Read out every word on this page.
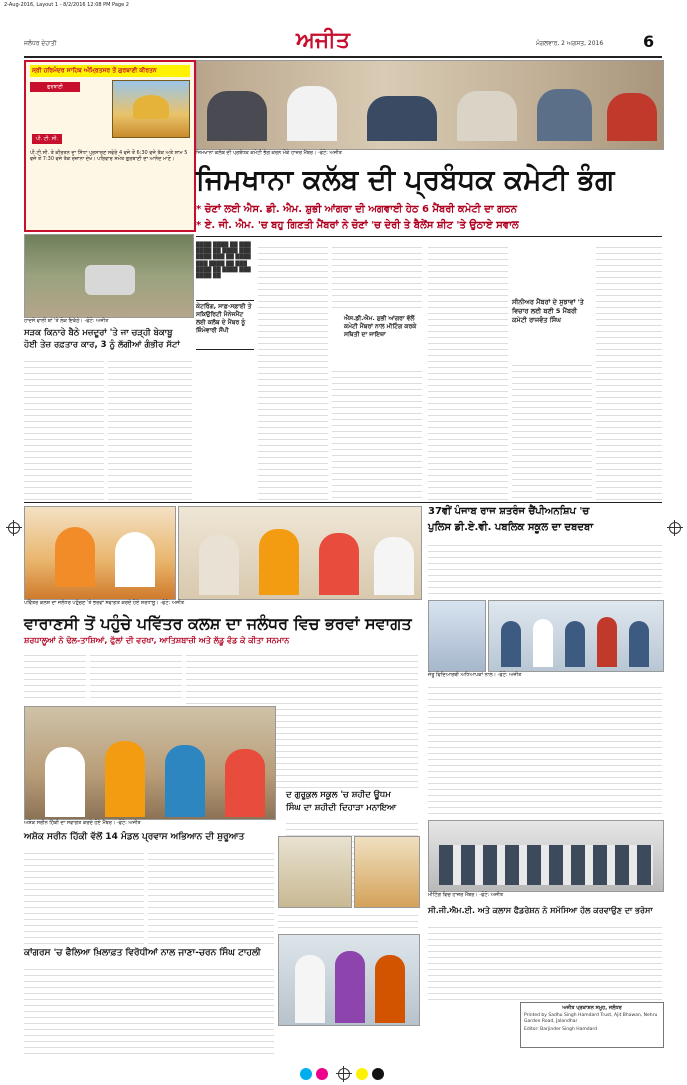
2-Aug-2016, Layout 1 - 8/2/2016 12:08 PM Page 2
ਜਲੰਧਰ ਦੇਹਾਤੀ	ਅਜੀਤ	ਮੰਗਲਵਾਰ, 2 ਅਗਸਤ, 2016 6
ਸ੍ਰੀ ਹਰਿਮੰਦਰ ਸਾਹਿਬ ਅੰਮ੍ਰਿਤਸਰ ਤੋਂ ਗੁਰਬਾਣੀ ਕੀਰਤਨ
ਗੁਰਬਾਣੀ
ਪੀ. ਟੀ. ਸੀ.
ਪੀ.ਟੀ.ਸੀ. ਤੇ ਕੀਰਤਨ ਦਾ ਸਿੱਧਾ ਪ੍ਰਸਾਰਣ ਸਵੇਰੇ 4 ਵਜੇ ਤੋਂ 6:30 ਵਜੇ ਤੱਕ ਅਤੇ ਸ਼ਾਮ 5 ਵਜੇ ਤੋਂ 7:30 ਵਜੇ ਤੱਕ ਰੋਜ਼ਾਨਾ ਦੇਖੋ। ਪਰਿਵਾਰ ਸਮੇਤ ਗੁਰਬਾਣੀ ਦਾ ਆਨੰਦ ਮਾਣੋ।
ਜਿਮਖਾਨਾ ਕਲੱਬ ਦੀ ਪ੍ਰਬੰਧਕ ਕਮੇਟੀ ਭੰਗ ਕਰਨ ਮੌਕੇ ਹਾਜ਼ਰ ਮੈਂਬਰ। -ਫੋਟੋ: ਅਜੀਤ
ਜਿਮਖਾਨਾ ਕਲੱਬ ਦੀ ਪ੍ਰਬੰਧਕ ਕਮੇਟੀ ਭੰਗ
* ਚੋਣਾਂ ਲਈ ਐਸ. ਡੀ. ਐਮ. ਸ਼ੁਭੀ ਆਂਗਰਾ ਦੀ ਅਗਵਾਈ ਹੇਠ 6 ਮੈਂਬਰੀ ਕਮੇਟੀ ਦਾ ਗਠਨ
* ਏ. ਜੀ. ਐਮ. 'ਚ ਬਹੁ ਗਿਣਤੀ ਮੈਂਬਰਾਂ ਨੇ ਚੋਣਾਂ 'ਚ ਦੇਰੀ ਤੇ ਬੈਲੇਂਸ ਸ਼ੀਟ 'ਤੇ ਉਠਾਏ ਸਵਾਲ
████ ████ ██ ███ ████ ██ ████ ███ ████ ███ ██ ████ ███ ████ ██ ███ ████ ██ ████ ███ ████ ██
ਕੇਟਰਿੰਗ, ਸਾਫ਼-ਸਫ਼ਾਈ ਤੇ ਸਕਿਉਰਿਟੀ ਮੈਨੇਜਮੈਂਟ ਲਈ ਕਲੱਬ ਦੇ ਮੈਂਬਰ ਨੂੰ ਜ਼ਿੰਮੇਵਾਰੀ ਸੌਂਪੀ
ਐਸ.ਡੀ.ਐਮ. ਸ਼ੁਭੀ ਆਂਗਰਾ ਵੱਲੋਂ ਕਮੇਟੀ ਮੈਂਬਰਾਂ ਨਾਲ ਮੀਟਿੰਗ ਕਰਕੇ ਸਥਿਤੀ ਦਾ ਜਾਇਜ਼ਾ
ਸੀਨੀਅਰ ਮੈਂਬਰਾਂ ਦੇ ਸੁਝਾਵਾਂ 'ਤੇ ਵਿਚਾਰ ਲਈ ਬਣੀ 5 ਮੈਂਬਰੀ ਕਮੇਟੀ ਰਾਜਵੰਤ ਸਿੰਘ
ਹਾਦਸੇ ਵਾਲੀ ਥਾਂ 'ਤੇ ਲੋਕ ਇਕੱਠੇ। -ਫੋਟੋ: ਅਜੀਤ
ਸੜਕ ਕਿਨਾਰੇ ਬੈਠੇ ਮਜ਼ਦੂਰਾਂ 'ਤੇ ਜਾ ਚੜ੍ਹੀ ਬੇਕਾਬੂ
ਹੋਈ ਤੇਜ਼ ਰਫ਼ਤਾਰ ਕਾਰ, 3 ਨੂੰ ਲੱਗੀਆਂ ਗੰਭੀਰ ਸੱਟਾਂ
ਪਵਿੱਤਰ ਕਲਸ਼ ਦਾ ਜਲੰਧਰ ਪਹੁੰਚਣ 'ਤੇ ਭਰਵਾਂ ਸਵਾਗਤ ਕਰਦੇ ਹੋਏ ਸ਼ਰਧਾਲੂ। -ਫੋਟੋ: ਅਜੀਤ
ਵਾਰਾਣਸੀ ਤੋਂ ਪਹੁੰਚੇ ਪਵਿੱਤਰ ਕਲਸ਼ ਦਾ ਜਲੰਧਰ ਵਿਚ ਭਰਵਾਂ ਸਵਾਗਤ
ਸ਼ਰਧਾਲੂਆਂ ਨੇ ਢੋਲ-ਤਾਸ਼ਿਆਂ, ਫੁੱਲਾਂ ਦੀ ਵਰਖਾ, ਆਤਿਸ਼ਬਾਜ਼ੀ ਅਤੇ ਲੱਡੂ ਵੰਡ ਕੇ ਕੀਤਾ ਸਨਮਾਨ
37ਵੀਂ ਪੰਜਾਬ ਰਾਜ ਸ਼ਤਰੰਜ ਚੈਂਪੀਅਨਸ਼ਿਪ 'ਚ
ਪੁਲਿਸ ਡੀ.ਏ.ਵੀ. ਪਬਲਿਕ ਸਕੂਲ ਦਾ ਦਬਦਬਾ
ਜੇਤੂ ਵਿਦਿਆਰਥੀ ਅਧਿਆਪਕਾਂ ਨਾਲ। -ਫੋਟੋ: ਅਜੀਤ
ਦ ਗੁਰੂਕੁਲ ਸਕੂਲ 'ਚ ਸ਼ਹੀਦ ਊਧਮ
ਸਿੰਘ ਦਾ ਸ਼ਹੀਦੀ ਦਿਹਾੜਾ ਮਨਾਇਆ
ਅਸ਼ੋਕ ਸਰੀਨ ਹਿੱਕੀ ਦਾ ਸਵਾਗਤ ਕਰਦੇ ਹੋਏ ਮੈਂਬਰ। -ਫੋਟੋ: ਅਜੀਤ
ਅਸ਼ੋਕ ਸਰੀਨ ਹਿੱਕੀ ਵੱਲੋਂ 14 ਮੰਡਲ ਪ੍ਰਵਾਸ ਅਭਿਆਨ ਦੀ ਸ਼ੁਰੂਆਤ
ਕਾਂਗਰਸ 'ਚ ਫੈਲਿਆ ਖ਼ਿਲਾਫ਼ਤ ਵਿਰੋਧੀਆਂ ਨਾਲ ਜਾਣਾ-ਚਰਨ ਸਿੰਘ ਟਾਹਲੀ
ਮੀਟਿੰਗ ਵਿਚ ਹਾਜ਼ਰ ਮੈਂਬਰ। -ਫੋਟੋ: ਅਜੀਤ
ਸੀ.ਜੀ.ਐਮ.ਈ. ਅਤੇ ਕਲਾਸ ਫੈਡਰੇਸ਼ਨ ਨੇ ਸਮੱਸਿਆ ਹੱਲ ਕਰਵਾਉਣ ਦਾ ਭਰੋਸਾ
ਅਜੀਤ ਪ੍ਰਕਾਸ਼ਨ ਸਮੂਹ, ਜਲੰਧਰ
Printed by Sadhu Singh Hamdard Trust, Ajit Bhawan, Nehru Garden Road, Jalandhar
Editor: Barjinder Singh Hamdard
